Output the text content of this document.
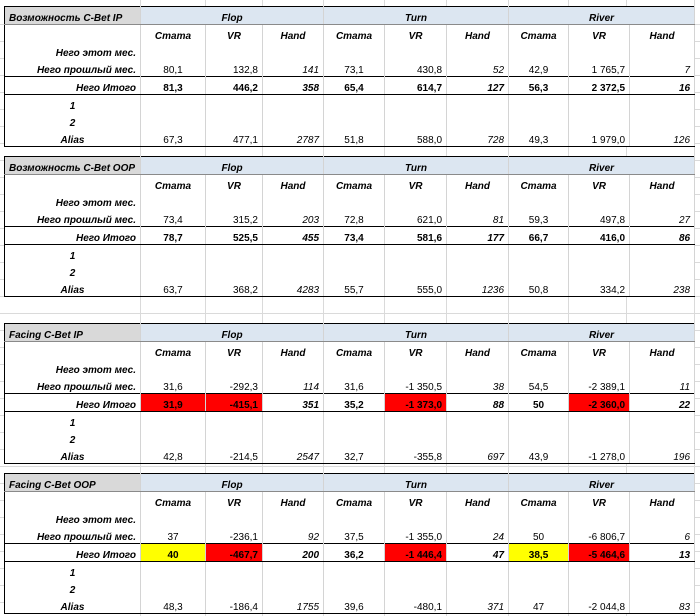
Возможность C-Bet IP	Flop			Turn			River		
	Стата	VR	Hand	Стата	VR	Hand	Стата	VR	Hand
Него этот мес.									
Него прошлый мес.	80,1	132,8	141	73,1	430,8	52	42,9	1 765,7	7
Него Итого	81,3	446,2	358	65,4	614,7	127	56,3	2 372,5	16
1									
2									
Alias	67,3	477,1	2787	51,8	588,0	728	49,3	1 979,0	126
Возможность C-Bet OOP	Flop			Turn			River		
	Стата	VR	Hand	Стата	VR	Hand	Стата	VR	Hand
Него этот мес.									
Него прошлый мес.	73,4	315,2	203	72,8	621,0	81	59,3	497,8	27
Него Итого	78,7	525,5	455	73,4	581,6	177	66,7	416,0	86
1									
2									
Alias	63,7	368,2	4283	55,7	555,0	1236	50,8	334,2	238
Facing C-Bet IP	Flop			Turn			River		
	Стата	VR	Hand	Стата	VR	Hand	Стата	VR	Hand
Него этот мес.									
Него прошлый мес.	31,6	-292,3	114	31,6	-1 350,5	38	54,5	-2 389,1	11
Него Итого	31,9	-415,1	351	35,2	-1 373,0	88	50	-2 360,0	22
1									
2									
Alias	42,8	-214,5	2547	32,7	-355,8	697	43,9	-1 278,0	196
Facing C-Bet OOP	Flop			Turn			River		
	Стата	VR	Hand	Стата	VR	Hand	Стата	VR	Hand
Него этот мес.									
Него прошлый мес.	37	-236,1	92	37,5	-1 355,0	24	50	-6 806,7	6
Него Итого	40	-467,7	200	36,2	-1 446,4	47	38,5	-5 464,6	13
1									
2									
Alias	48,3	-186,4	1755	39,6	-480,1	371	47	-2 044,8	83
